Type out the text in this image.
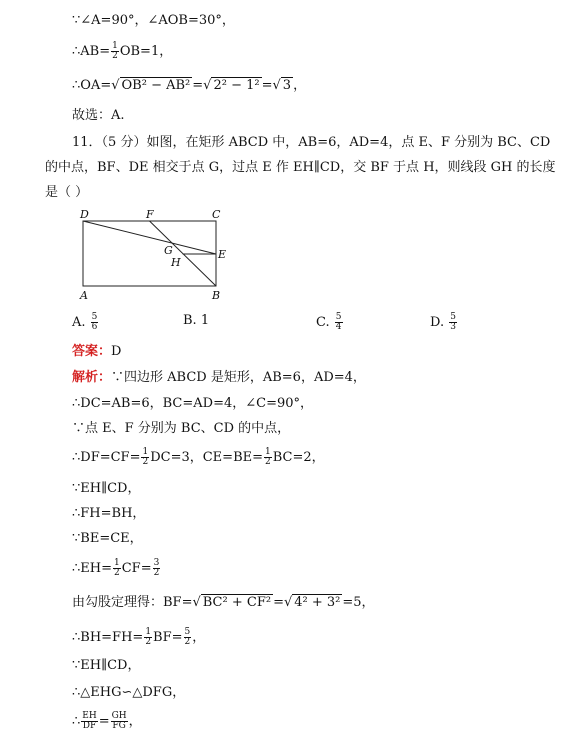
∵∠A=90°，∠AOB=30°，
∴AB= $\frac{1}{2} OB=1$，
∴OA=√ OB² − AB² =√ 2² − 1² =√ 3 ，
故选：A.
11．（5 分）如图，在矩形 ABCD 中，AB=6，AD=4，点 E、F 分别为 BC、CD
的中点，BF、DE 相交于点 G，过点 E 作 EH∥CD，交 BF 于点 H，则线段 GH 的长度
是（ ）
D	F	C
G	E
H
A	B
A. $\frac{5}{6}$	B. 1	C. $\frac{5}{4}$	D. $\frac{5}{3}$
答案：D
解析：∵四边形 ABCD 是矩形，AB=6，AD=4，
∴DC=AB=6，BC=AD=4，∠C=90°，
∵点 E、F 分别为 BC、CD 的中点，
∴DF=CF= $\frac{1}{2} DC=3$，$CE=BE= \frac{1}{2} BC=2$，
∵EH∥CD，
∴FH=BH，
∵BE=CE，
∴EH= $\frac{1}{2} CF= \frac{3}{2}$
由勾股定理得：BF=√ BC² + CF² =√ 4² + 3² =5，
∴BH=FH= $\frac{1}{2} BF= \frac{5}{2}$ ，
∵EH∥CD，
∴△EHG∽△DFG，
∴ $\frac{EH}{DF} = \frac{GH}{FG}$ ，
